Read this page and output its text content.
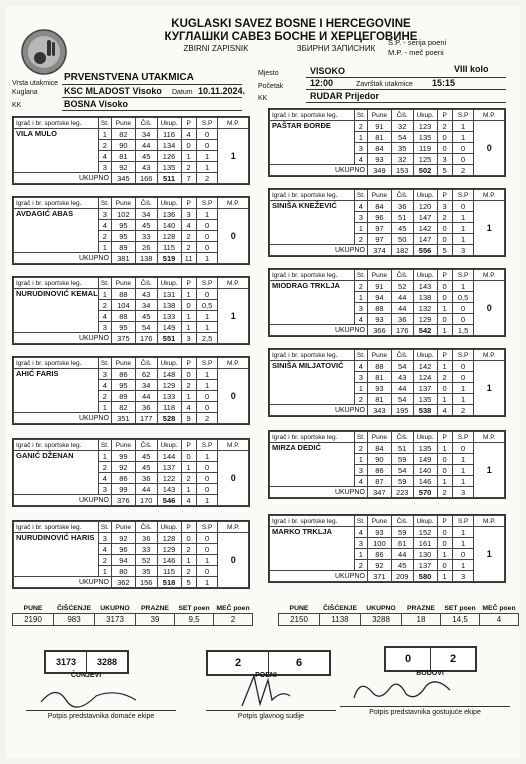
KUGLASKI SAVEZ BOSNE I HERCEGOVINE
КУГЛАШКИ САВЕЗ БОСНЕ И ХЕРЦЕГОВИНЕ
ZBIRNI ZAPISNIK	ЗБИРНИ ЗАПИСНИК
S.P. - serija poeni
M.P. - meč poeni
Vrsta utakmice
PRVENSTVENA UTAKMICA
Kuglana	KSC MLADOST Visoko Datum 10.11.2024.
KK	BOSNA Visoko
Mjesto	VISOKO	VIII kolo
Početak	12:00	Završtak utakmice 15:15
KK	RUDAR Prijedor
Igrač i br. sportske leg.	St.	Pune	Čiš.	Ukup.	P	S.P	M.P.
VILA MULO	1	82	34	116	4	0	1
	2	90	44	134	0	0	
	4	81	45	126	1	1	
	3	92	43	135	2	1	
UKUPNO		345	166	511	7	2	
Igrač i br. sportske leg.	St.	Pune	Čiš.	Ukup.	P	S.P	M.P.
AVDAGIĆ ABAS	3	102	34	136	3	1	0
	4	95	45	140	4	0	
	2	95	33	128	2	0	
	1	89	26	115	2	0	
UKUPNO		381	138	519	11	1	
Igrač i br. sportske leg.	St.	Pune	Čiš.	Ukup.	P	S.P	M.P.
NURUDINOVIĆ KEMAL	1	88	43	131	1	0	1
	2	104	34	138	0	0,5	
	4	88	45	133	1	1	
	3	95	54	149	1	1	
UKUPNO		375	176	551	3	2,5	
Igrač i br. sportske leg.	St.	Pune	Čiš.	Ukup.	P	S.P	M.P.
AHIĆ FARIS	3	86	62	148	0	1	0
	4	95	34	129	2	1	
	2	89	44	133	1	0	
	1	82	36	118	4	0	
UKUPNO		351	177	528	9	2	
Igrač i br. sportske leg.	St.	Pune	Čiš.	Ukup.	P	S.P	M.P.
GANIĆ DŽENAN	1	99	45	144	0	1	0
	2	92	45	137	1	0	
	4	86	36	122	2	0	
	3	99	44	143	1	0	
UKUPNO		376	170	546	4	1	
Igrač i br. sportske leg.	St.	Pune	Čiš.	Ukup.	P	S.P	M.P.
NURUDINOVIĆ HARIS	3	92	36	128	0	0	0
	4	96	33	129	2	0	
	2	94	52	146	1	1	
	1	80	35	115	2	0	
UKUPNO		362	156	518	5	1	
Igrač i br. sportske leg.	St.	Pune	Čiš.	Ukup.	P	S.P	M.P.
PAŠTAR ĐORĐE	2	91	32	123	2	1	0
	1	81	54	135	0	1	
	3	84	35	119	0	0	
	4	93	32	125	3	0	
UKUPNO		349	153	502	5	2	
Igrač i br. sportske leg.	St.	Pune	Čiš.	Ukup.	P	S.P	M.P.
SINIŠA KNEŽEVIĆ	4	84	36	120	3	0	1
	3	96	51	147	2	1	
	1	97	45	142	0	1	
	2	97	50	147	0	1	
UKUPNO		374	182	556	5	3	
Igrač i br. sportske leg.	St.	Pune	Čiš.	Ukup.	P	S.P	M.P.
MIODRAG TRKLJA	2	91	52	143	0	1	0
	1	94	44	138	0	0,5	
	3	88	44	132	1	0	
	4	93	36	129	0	0	
UKUPNO		366	176	542	1	1,5	
Igrač i br. sportske leg.	St.	Pune	Čiš.	Ukup.	P	S.P	M.P.
SINIŠA MILJATOVIĆ	4	88	54	142	1	0	1
	3	81	43	124	2	0	
	1	93	44	137	0	1	
	2	81	54	135	1	1	
UKUPNO		343	195	538	4	2	
Igrač i br. sportske leg.	St.	Pune	Čiš.	Ukup.	P	S.P	M.P.
MIRZA DEDIĆ	2	84	51	135	1	0	1
	1	90	59	149	0	1	
	3	86	54	140	0	1	
	4	87	59	146	1	1	
UKUPNO		347	223	570	2	3	
Igrač i br. sportske leg.	St.	Pune	Čiš.	Ukup.	P	S.P	M.P.
MARKO TRKLJA	4	93	59	152	0	1	1
	3	100	61	161	0	1	
	1	86	44	130	1	0	
	2	92	45	137	0	1	
UKUPNO		371	209	580	1	3	
PUNE	ČIŠĆENJE	UKUPNO	PRAZNE	SET poen	MEČ poen
2190	983	3173	39	9,5	2
PUNE	ČIŠĆENJE	UKUPNO	PRAZNE	SET poen	MEČ poen
2150	1138	3288	18	14,5	4
3173	3288
ČUNJEVI
2	6
POENI
0	2
BODOVI
Potpis predstavnika domaće ekipe	Potpis glavnog sudije
Potpis predstavnika gostujuće ekipe
